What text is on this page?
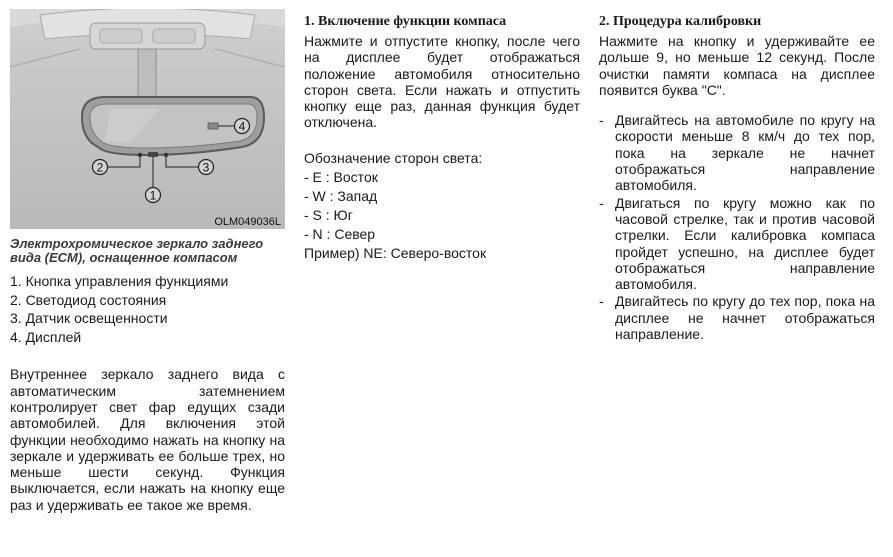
1
2	3
4
OLM049036L
Электрохромическое зеркало заднего вида (ECM), оснащенное компасом
1. Кнопка управления функциями
2. Светодиод состояния
3. Датчик освещенности
4. Дисплей

Внутреннее зеркало заднего вида с автоматическим затемнением контролирует свет фар едущих сзади автомобилей. Для включения этой функции необходимо нажать на кнопку на зеркале и удерживать ее больше трех, но меньше шести секунд. Функция выключается, если нажать на кнопку еще раз и удерживать ее такое же время.

1. Включение функции компаса

Нажмите и отпустите кнопку, после чего на дисплее будет отображаться положение автомобиля относительно сторон света. Если нажать и отпустить кнопку еще раз, данная функция будет отключена.

Обозначение сторон света:

- E : Восток
- W : Запад
- S : Юг
- N : Север

Пример) NE: Северо-восток

2. Процедура калибровки

Нажмите на кнопку и удерживайте ее дольше 9, но меньше 12 секунд. После очистки памяти компаса на дисплее появится буква "C".

- Двигайтесь на автомобиле по кругу на скорости меньше 8 км/ч до тех пор, пока на зеркале не начнет отображаться направление автомобиля.
- Двигаться по кругу можно как по часовой стрелке, так и против часовой стрелки. Если калибровка компаса пройдет успешно, на дисплее будет отображаться направление автомобиля.
- Двигайтесь по кругу до тех пор, пока на дисплее не начнет отображаться направление.
